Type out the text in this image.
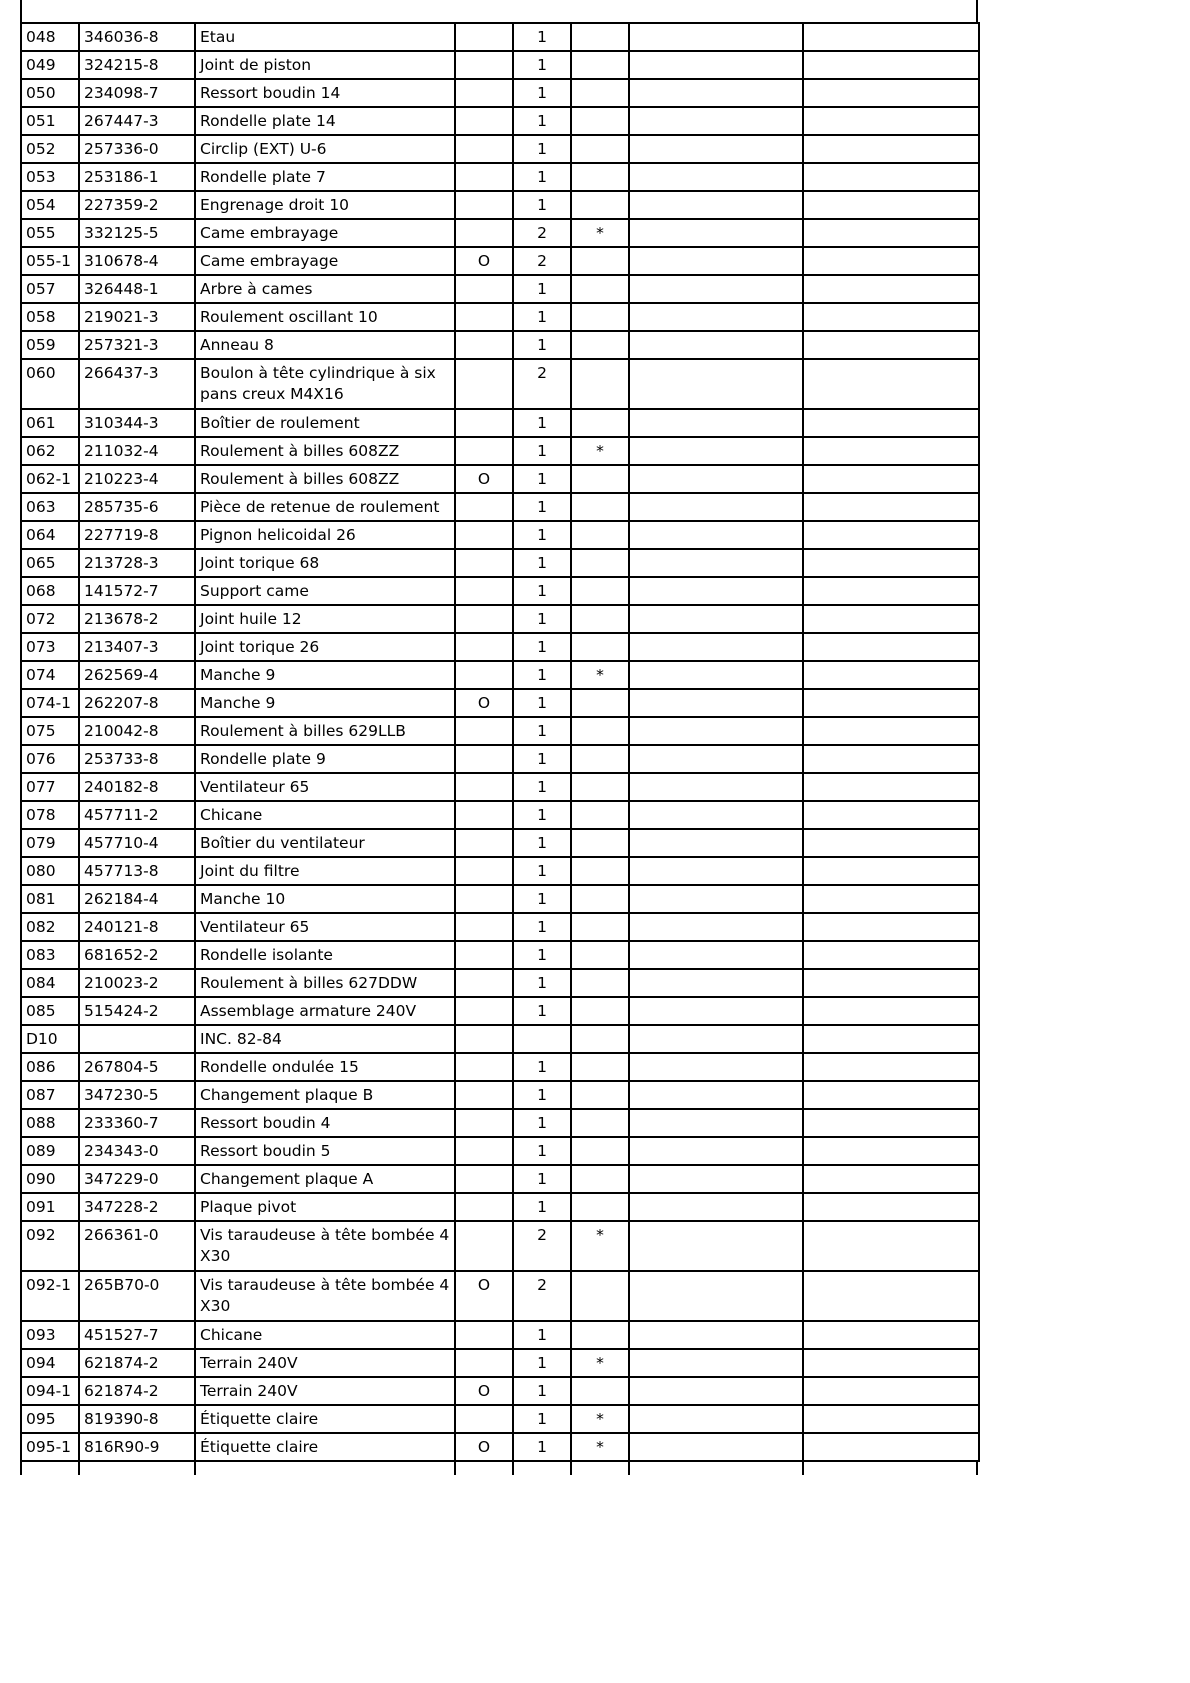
048	346036-8	Etau		1			
049	324215-8	Joint de piston		1			
050	234098-7	Ressort boudin 14		1			
051	267447-3	Rondelle plate 14		1			
052	257336-0	Circlip (EXT) U-6		1			
053	253186-1	Rondelle plate 7		1			
054	227359-2	Engrenage droit 10		1			
055	332125-5	Came embrayage		2	*		
055-1	310678-4	Came embrayage	O	2			
057	326448-1	Arbre à cames		1			
058	219021-3	Roulement oscillant 10		1			
059	257321-3	Anneau 8		1			
060	266437-3	Boulon à tête cylindrique à six pans creux M4X16		2			
061	310344-3	Boîtier de roulement		1			
062	211032-4	Roulement à billes 608ZZ		1	*		
062-1	210223-4	Roulement à billes 608ZZ	O	1			
063	285735-6	Pièce de retenue de roulement		1			
064	227719-8	Pignon helicoidal 26		1			
065	213728-3	Joint torique 68		1			
068	141572-7	Support came		1			
072	213678-2	Joint huile 12		1			
073	213407-3	Joint torique 26		1			
074	262569-4	Manche 9		1	*		
074-1	262207-8	Manche 9	O	1			
075	210042-8	Roulement à billes 629LLB		1			
076	253733-8	Rondelle plate 9		1			
077	240182-8	Ventilateur 65		1			
078	457711-2	Chicane		1			
079	457710-4	Boîtier du ventilateur		1			
080	457713-8	Joint du filtre		1			
081	262184-4	Manche 10		1			
082	240121-8	Ventilateur 65		1			
083	681652-2	Rondelle isolante		1			
084	210023-2	Roulement à billes 627DDW		1			
085	515424-2	Assemblage armature 240V		1			
D10		INC. 82-84					
086	267804-5	Rondelle ondulée 15		1			
087	347230-5	Changement plaque B		1			
088	233360-7	Ressort boudin 4		1			
089	234343-0	Ressort boudin 5		1			
090	347229-0	Changement plaque A		1			
091	347228-2	Plaque pivot		1			
092	266361-0	Vis taraudeuse à tête bombée 4X30		2	*		
092-1	265B70-0	Vis taraudeuse à tête bombée 4X30	O	2			
093	451527-7	Chicane		1			
094	621874-2	Terrain 240V		1	*		
094-1	621874-2	Terrain 240V	O	1			
095	819390-8	Étiquette claire		1	*		
095-1	816R90-9	Étiquette claire	O	1	*		
